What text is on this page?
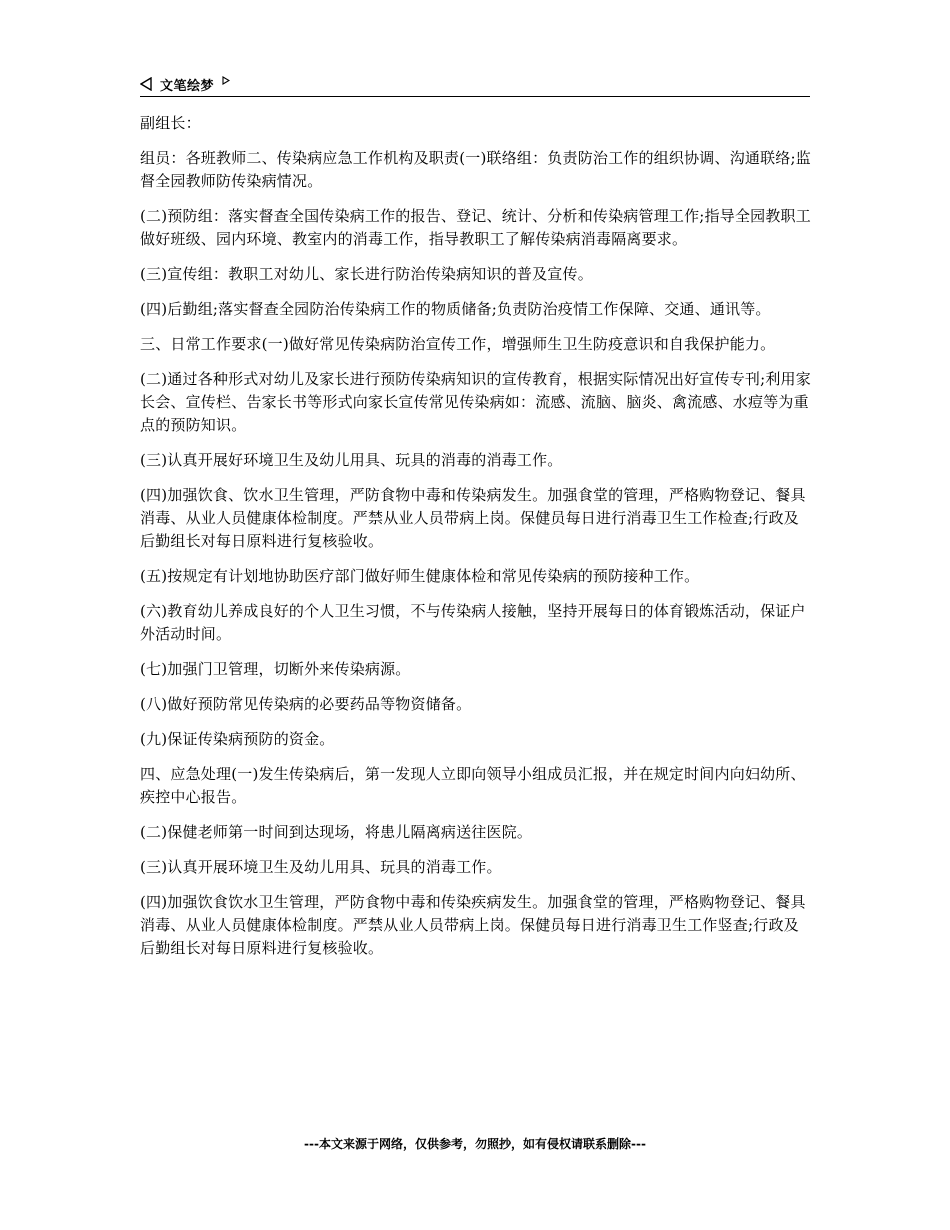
文笔绘梦

副组长：

组员：各班教师二、传染病应急工作机构及职责(一)联络组：负责防治工作的组织协调、沟通联络;监督全园教师防传染病情况。

(二)预防组：落实督查全国传染病工作的报告、登记、统计、分析和传染病管理工作;指导全园教职工做好班级、园内环境、教室内的消毒工作，指导教职工了解传染病消毒隔离要求。

(三)宣传组：教职工对幼儿、家长进行防治传染病知识的普及宣传。

(四)后勤组;落实督查全园防治传染病工作的物质储备;负责防治疫情工作保障、交通、通讯等。

三、日常工作要求(一)做好常见传染病防治宣传工作，增强师生卫生防疫意识和自我保护能力。

(二)通过各种形式对幼儿及家长进行预防传染病知识的宣传教育，根据实际情况出好宣传专刊;利用家长会、宣传栏、告家长书等形式向家长宣传常见传染病如：流感、流脑、脑炎、禽流感、水痘等为重点的预防知识。

(三)认真开展好环境卫生及幼儿用具、玩具的消毒的消毒工作。

(四)加强饮食、饮水卫生管理，严防食物中毒和传染病发生。加强食堂的管理，严格购物登记、餐具消毒、从业人员健康体检制度。严禁从业人员带病上岗。保健员每日进行消毒卫生工作检查;行政及后勤组长对每日原料进行复核验收。

(五)按规定有计划地协助医疗部门做好师生健康体检和常见传染病的预防接种工作。

(六)教育幼儿养成良好的个人卫生习惯，不与传染病人接触，坚持开展每日的体育锻炼活动，保证户外活动时间。

(七)加强门卫管理，切断外来传染病源。

(八)做好预防常见传染病的必要药品等物资储备。

(九)保证传染病预防的资金。

四、应急处理(一)发生传染病后，第一发现人立即向领导小组成员汇报，并在规定时间内向妇幼所、疾控中心报告。

(二)保健老师第一时间到达现场，将患儿隔离病送往医院。

(三)认真开展环境卫生及幼儿用具、玩具的消毒工作。

(四)加强饮食饮水卫生管理，严防食物中毒和传染疾病发生。加强食堂的管理，严格购物登记、餐具消毒、从业人员健康体检制度。严禁从业人员带病上岗。保健员每日进行消毒卫生工作竖查;行政及后勤组长对每日原料进行复核验收。

---本文来源于网络，仅供参考，勿照抄，如有侵权请联系删除---
